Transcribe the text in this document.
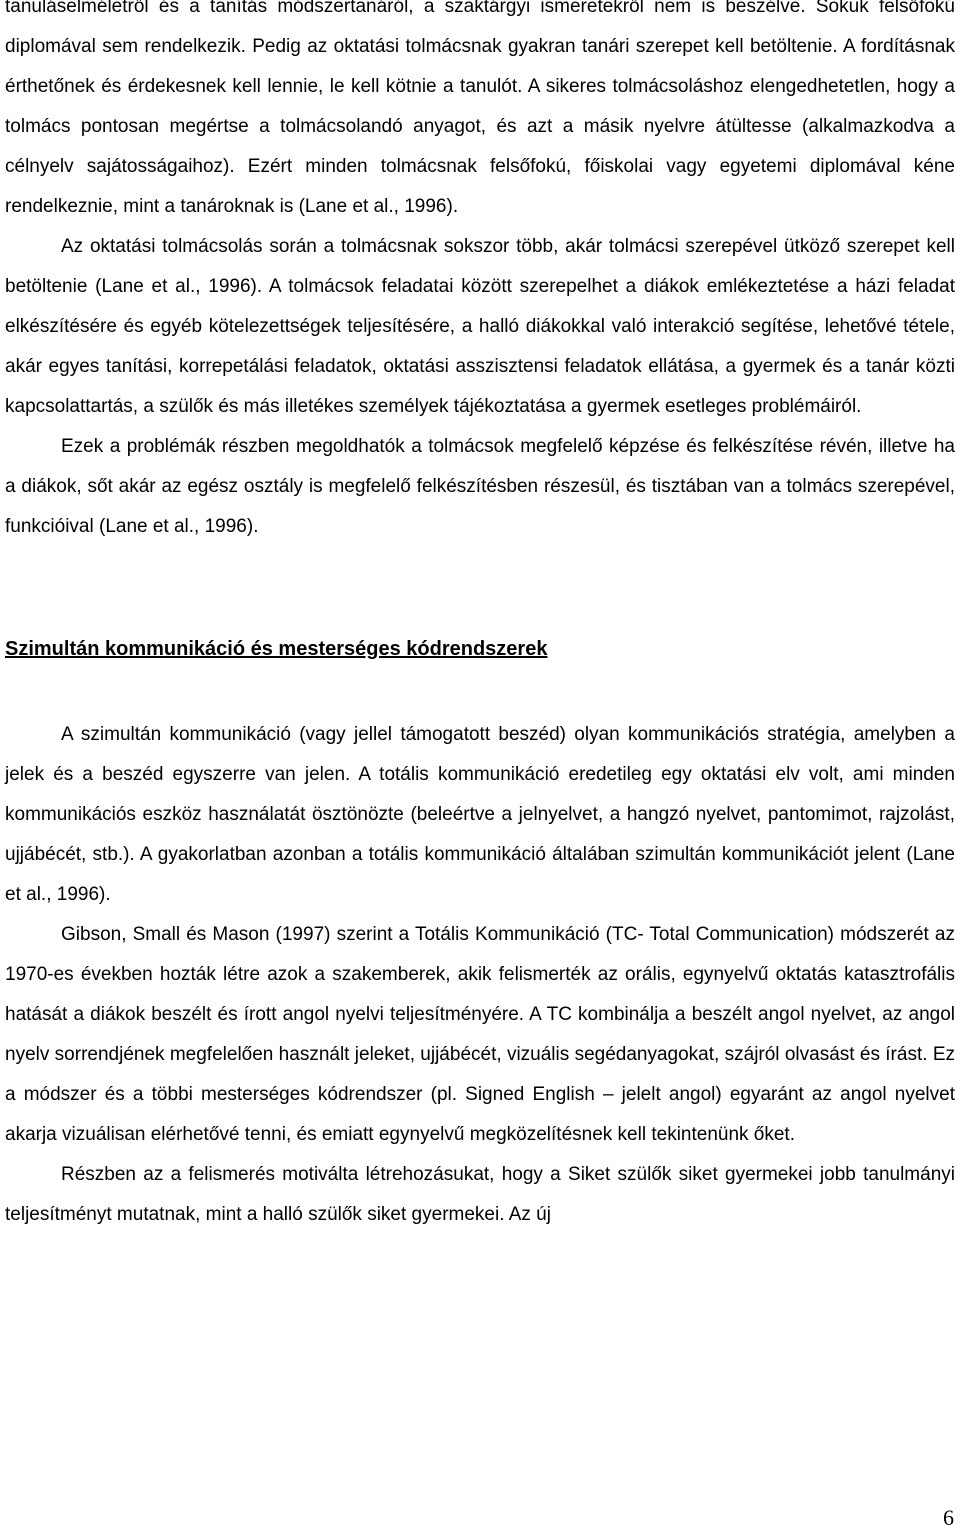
tanuláselméletről és a tanítás módszertanáról, a szaktárgyi ismeretekről nem is beszélve. Sokuk felsőfokú diplomával sem rendelkezik. Pedig az oktatási tolmácsnak gyakran tanári szerepet kell betöltenie. A fordításnak érthetőnek és érdekesnek kell lennie, le kell kötnie a tanulót. A sikeres tolmácsoláshoz elengedhetetlen, hogy a tolmács pontosan megértse a tolmácsolandó anyagot, és azt a másik nyelvre átültesse (alkalmazkodva a célnyelv sajátosságaihoz). Ezért minden tolmácsnak felsőfokú, főiskolai vagy egyetemi diplomával kéne rendelkeznie, mint a tanároknak is (Lane et al., 1996).

Az oktatási tolmácsolás során a tolmácsnak sokszor több, akár tolmácsi szerepével ütköző szerepet kell betöltenie (Lane et al., 1996). A tolmácsok feladatai között szerepelhet a diákok emlékeztetése a házi feladat elkészítésére és egyéb kötelezettségek teljesítésére, a halló diákokkal való interakció segítése, lehetővé tétele, akár egyes tanítási, korrepetálási feladatok, oktatási asszisztensi feladatok ellátása, a gyermek és a tanár közti kapcsolattartás, a szülők és más illetékes személyek tájékoztatása a gyermek esetleges problémáiról.

Ezek a problémák részben megoldhatók a tolmácsok megfelelő képzése és felkészítése révén, illetve ha a diákok, sőt akár az egész osztály is megfelelő felkészítésben részesül, és tisztában van a tolmács szerepével, funkcióival (Lane et al., 1996).

Szimultán kommunikáció és mesterséges kódrendszerek

A szimultán kommunikáció (vagy jellel támogatott beszéd) olyan kommunikációs stratégia, amelyben a jelek és a beszéd egyszerre van jelen. A totális kommunikáció eredetileg egy oktatási elv volt, ami minden kommunikációs eszköz használatát ösztönözte (beleértve a jelnyelvet, a hangzó nyelvet, pantomimot, rajzolást, ujjábécét, stb.). A gyakorlatban azonban a totális kommunikáció általában szimultán kommunikációt jelent (Lane et al., 1996).

Gibson, Small és Mason (1997) szerint a Totális Kommunikáció (TC- Total Communication) módszerét az 1970-es években hozták létre azok a szakemberek, akik felismerték az orális, egynyelvű oktatás katasztrofális hatását a diákok beszélt és írott angol nyelvi teljesítményére. A TC kombinálja a beszélt angol nyelvet, az angol nyelv sorrendjének megfelelően használt jeleket, ujjábécét, vizuális segédanyagokat, szájról olvasást és írást. Ez a módszer és a többi mesterséges kódrendszer (pl. Signed English – jelelt angol) egyaránt az angol nyelvet akarja vizuálisan elérhetővé tenni, és emiatt egynyelvű megközelítésnek kell tekintenünk őket.

Részben az a felismerés motiválta létrehozásukat, hogy a Siket szülők siket gyermekei jobb tanulmányi teljesítményt mutatnak, mint a halló szülők siket gyermekei. Az új

6
